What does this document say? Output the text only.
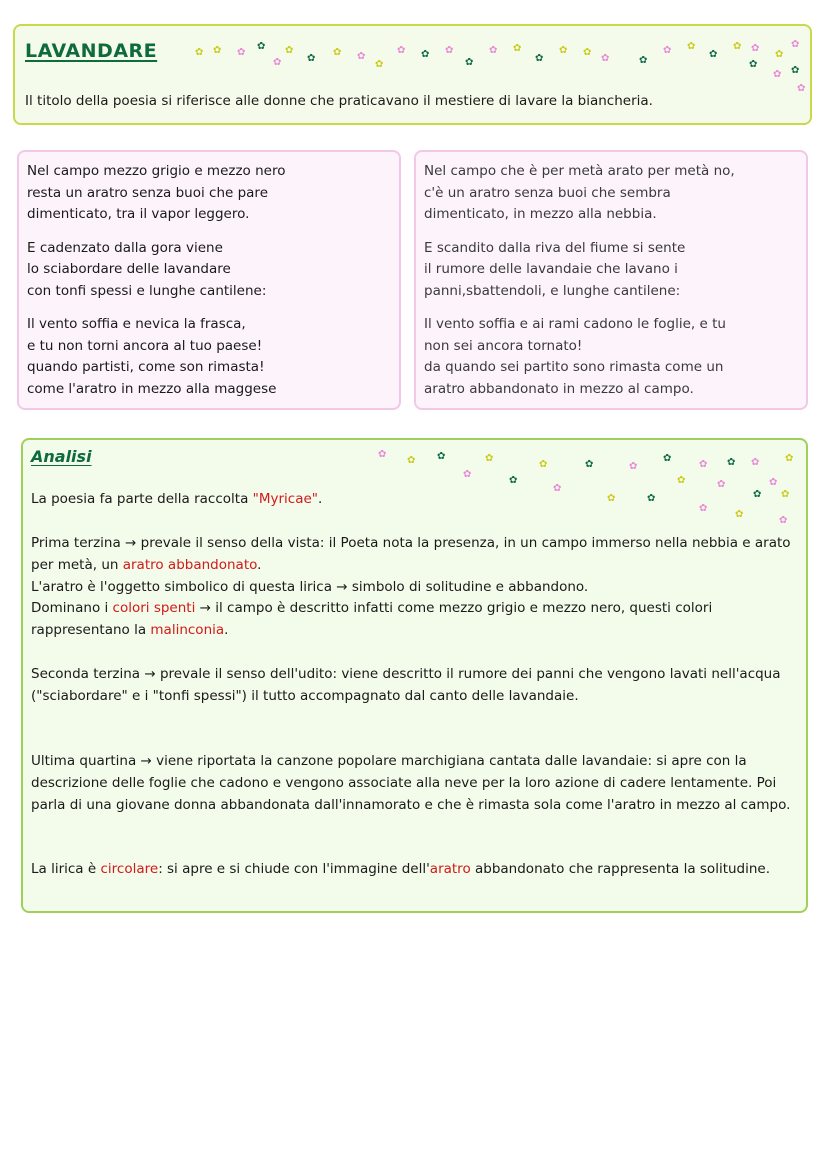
LAVANDARE

Il titolo della poesia si riferisce alle donne che praticavano il mestiere di lavare la biancheria.

✿ ✿ ✿
✿ ✿
✿	✿
✿ ✿
✿
✿ ✿ ✿
✿
✿ ✿
✿
✿ ✿
✿	✿
✿ ✿
✿
✿ ✿
✿
✿
✿
✿ ✿
✿
Nel campo mezzo grigio e mezzo nero
resta un aratro senza buoi che pare
dimenticato, tra il vapor leggero.
E cadenzato dalla gora viene
lo sciabordare delle lavandare
con tonfi spessi e lunghe cantilene:
Il vento soffia e nevica la frasca,
e tu non torni ancora al tuo paese!
quando partisti, come son rimasta!
come l'aratro in mezzo alla maggese
Nel campo che è per metà arato per metà no,
c'è un aratro senza buoi che sembra
dimenticato, in mezzo alla nebbia.
E scandito dalla riva del fiume si sente
il rumore delle lavandaie che lavano i
panni,sbattendoli, e lunghe cantilene:
Il vento soffia e ai rami cadono le foglie, e tu
non sei ancora tornato!
da quando sei partito sono rimasta come un
aratro abbandonato in mezzo al campo.
Analisi	✿
✿ ✿
✿
✿
✿
✿
✿
✿
✿
✿
✿
✿
✿
✿
✿
✿
✿
✿
✿
✿
✿
✿
✿
✿

La poesia fa parte della raccolta "Myricae".

Prima terzina → prevale il senso della vista: il Poeta nota la presenza, in un campo immerso nella nebbia e arato per metà, un aratro abbandonato.
L'aratro è l'oggetto simbolico di questa lirica → simbolo di solitudine e abbandono.
Dominano i colori spenti → il campo è descritto infatti come mezzo grigio e mezzo nero, questi colori rappresentano la malinconia.

Seconda terzina → prevale il senso dell'udito: viene descritto il rumore dei panni che vengono lavati nell'acqua ("sciabordare" e i "tonfi spessi") il tutto accompagnato dal canto delle lavandaie.

Ultima quartina → viene riportata la canzone popolare marchigiana cantata dalle lavandaie: si apre con la descrizione delle foglie che cadono e vengono associate alla neve per la loro azione di cadere lentamente. Poi parla di una giovane donna abbandonata dall'innamorato e che è rimasta sola come l'aratro in mezzo al campo.

La lirica è circolare: si apre e si chiude con l'immagine dell'aratro abbandonato che rappresenta la solitudine.
